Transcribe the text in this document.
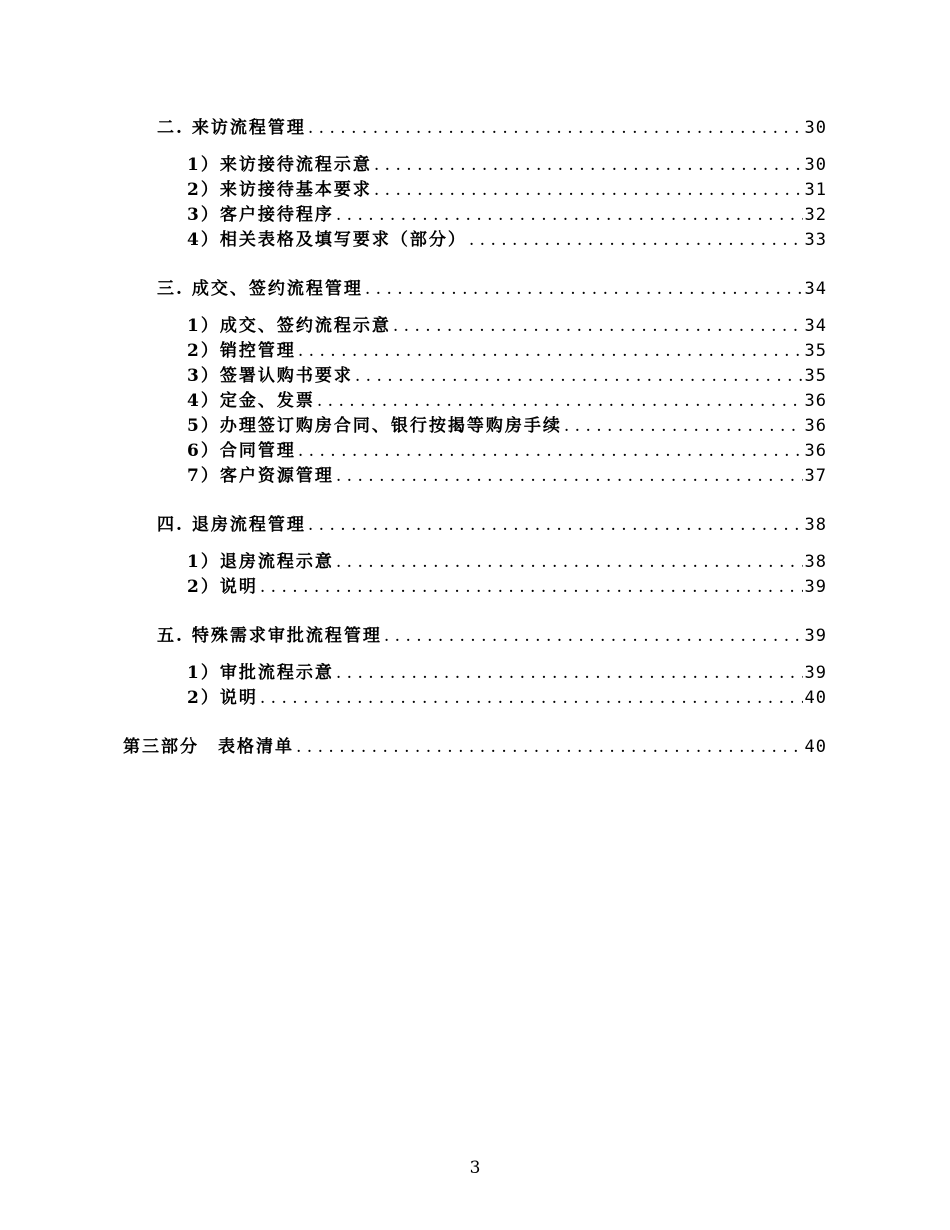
二. 来访流程管理 . . .	30
1）来访接待流程示意 . . .	30
2）来访接待基本要求 . . .	31
3）客户接待程序 . . .	32
4）相关表格及填写要求（部分） . . .	33
三. 成交、签约流程管理 . . .	34
1）成交、签约流程示意 . . .	34
2）销控管理 . . .	35
3）签署认购书要求 . . .	35
4）定金、发票 . . .	36
5）办理签订购房合同、银行按揭等购房手续 . . .	36
6）合同管理 . . .	36
7）客户资源管理 . . .	37
四. 退房流程管理 . . .	38
1）退房流程示意 . . .	38
2）说明 . . .	39
五. 特殊需求审批流程管理 . . .	39
1）审批流程示意 . . .	39
2）说明 . . .	40
第三部分　表格清单 . . .	40
3
